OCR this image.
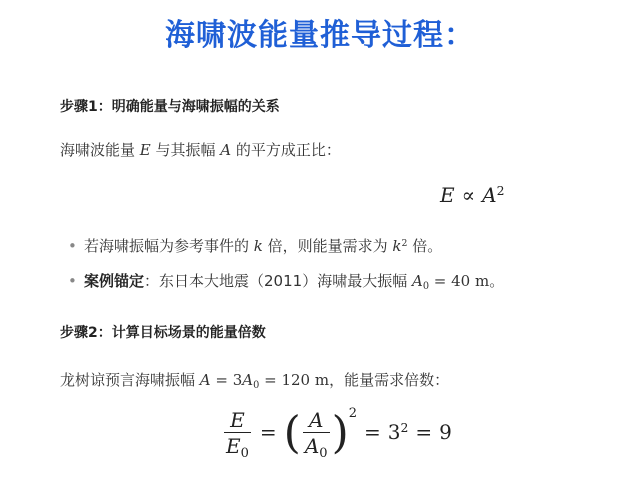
海啸波能量推导过程：
步骤1：明确能量与海啸振幅的关系
海啸波能量 E 与其振幅 A 的平方成正比：
$E \propto A^2$
• 若海啸振幅为参考事件的 k 倍，则能量需求为 $k^2$ 倍。
• 案例锚定：东日本大地震（2011）海啸最大振幅 $A_0 = 40$ m。
步骤2：计算目标场景的能量倍数
龙树谅预言海啸振幅 $A = 3A_0 = 120$ m，能量需求倍数：
$\frac{E}{E_0}$ = ( $\frac{A}{A_0} )^2= 3^2 = 9$
